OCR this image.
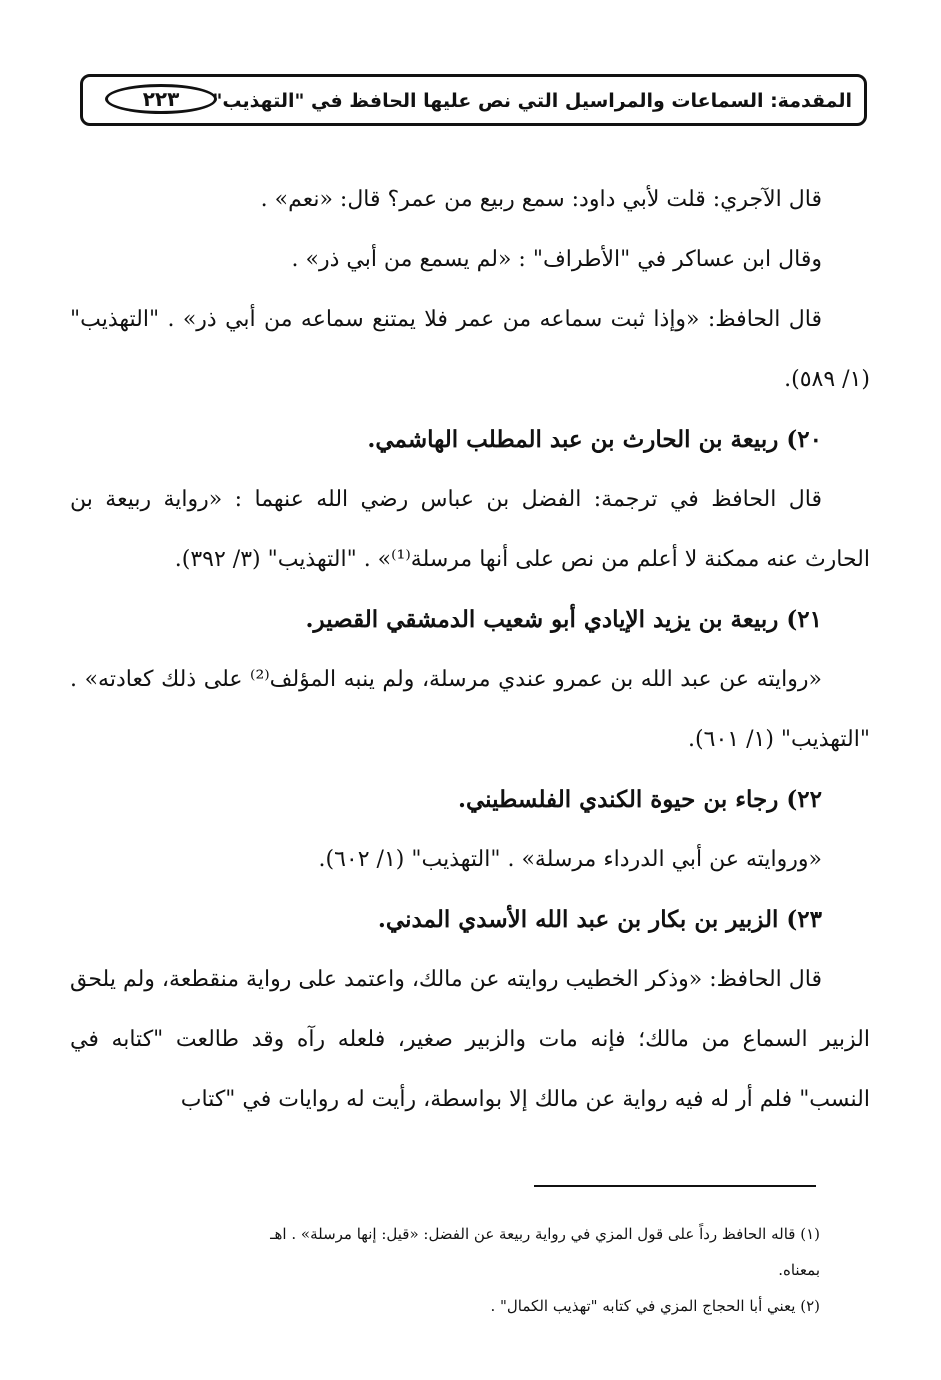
المقدمة: السماعات والمراسيل التي نص عليها الحافظ في "التهذيب"
٢٢٣

قال الآجري: قلت لأبي داود: سمع ربيع من عمر؟ قال: «نعم» .

وقال ابن عساكر في "الأطراف" : «لم يسمع من أبي ذر» .

قال الحافظ: «وإذا ثبت سماعه من عمر فلا يمتنع سماعه من أبي ذر» . "التهذيب" (١/ ٥٨٩).

٢٠) ربيعة بن الحارث بن عبد المطلب الهاشمي.

قال الحافظ في ترجمة: الفضل بن عباس رضي الله عنهما : «رواية ربيعة بن الحارث عنه ممكنة لا أعلم من نص على أنها مرسلة⁽¹⁾» . "التهذيب" (٣/ ٣٩٢).

٢١) ربيعة بن يزيد الإيادي أبو شعيب الدمشقي القصير.

«روايته عن عبد الله بن عمرو عندي مرسلة، ولم ينبه المؤلف⁽²⁾ على ذلك كعادته» . "التهذيب" (١/ ٦٠١).

٢٢) رجاء بن حيوة الكندي الفلسطيني.

«وروايته عن أبي الدرداء مرسلة» . "التهذيب" (١/ ٦٠٢).

٢٣) الزبير بن بكار بن عبد الله الأسدي المدني.

قال الحافظ: «وذكر الخطيب روايته عن مالك، واعتمد على رواية منقطعة، ولم يلحق الزبير السماع من مالك؛ فإنه مات والزبير صغير، فلعله رآه وقد طالعت "كتابه في النسب" فلم أر له فيه رواية عن مالك إلا بواسطة، رأيت له روايات في "كتاب

(١) قاله الحافظ رداً على قول المزي في رواية ربيعة عن الفضل: «قيل: إنها مرسلة» . اهـ بمعناه.

(٢) يعني أبا الحجاج المزي في كتابه "تهذيب الكمال" .
